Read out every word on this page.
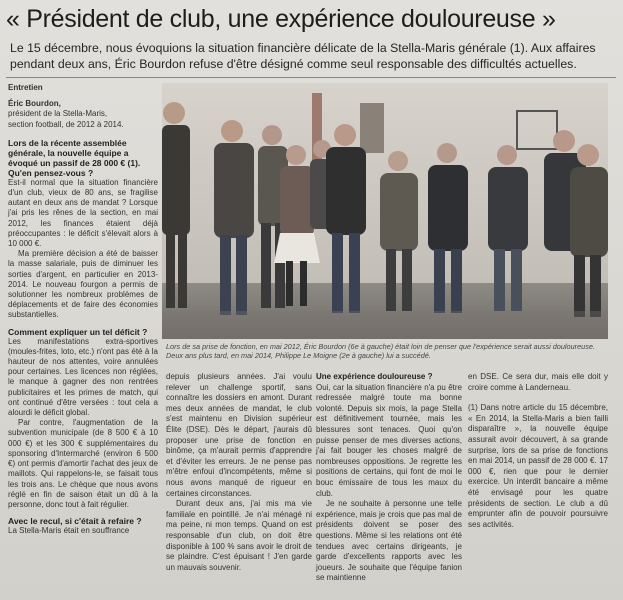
« Président de club, une expérience douloureuse »
Le 15 décembre, nous évoquions la situation financière délicate de la Stella-Maris générale (1). Aux affaires pendant deux ans, Éric Bourdon refuse d'être désigné comme seul responsable des difficultés actuelles.

Entretien

Éric Bourdon,

président de la Stella-Maris,

section football, de 2012 à 2014.

Lors de la récente assemblée générale, la nouvelle équipe a évoqué un passif de 28 000 € (1). Qu'en pensez-vous ?

Est-il normal que la situation financière d'un club, vieux de 80 ans, se fragilise autant en deux ans de mandat ? Lorsque j'ai pris les rênes de la section, en mai 2012, les finances étaient déjà préoccupantes : le déficit s'élevait alors à 10 000 €.

Ma première décision a été de baisser la masse salariale, puis de diminuer les sorties d'argent, en particulier en 2013-2014. Le nouveau fourgon a permis de solutionner les nombreux problèmes de déplacements et de faire des économies substantielles.

Comment expliquer un tel déficit ?

Les manifestations extra-sportives (moules-frites, loto, etc.) n'ont pas été à la hauteur de nos attentes, voire annulées pour certaines. Les licences non réglées, le manque à gagner des non rentrées publicitaires et les primes de match, qui ont continué d'être versées : tout cela a alourdi le déficit global.

Par contre, l'augmentation de la subvention municipale (de 8 500 € à 10 000 €) et les 300 € supplémentaires du sponsoring d'Intermarché (environ 6 500 €) ont permis d'amortir l'achat des jeux de maillots. Qui rappelons-le, se faisait tous les trois ans. Le chèque que nous avons réglé en fin de saison était un dû à la personne, donc tout à fait régulier.

Avec le recul, si c'était à refaire ?

La Stella-Maris était en souffrance

Lors de sa prise de fonction, en mai 2012, Éric Bourdon (6e à gauche) était loin de penser que l'expérience serait aussi douloureuse. Deux ans plus tard, en mai 2014, Philippe Le Moigne (2e à gauche) lui a succédé.

depuis plusieurs années. J'ai voulu relever un challenge sportif, sans connaître les dossiers en amont. Durant mes deux années de mandat, le club s'est maintenu en Division supérieur Élite (DSE). Dès le départ, j'aurais dû proposer une prise de fonction en binôme, ça m'aurait permis d'apprendre et d'éviter les erreurs. Je ne pense pas m'être enfoui d'incompétents, même si nous avons manqué de rigueur en certaines circonstances.

Durant deux ans, j'ai mis ma vie familiale en pointillé. Je n'ai ménagé ni ma peine, ni mon temps. Quand on est responsable d'un club, on doit être disponible à 100 % sans avoir le droit de se plaindre. C'est épuisant ! J'en garde un mauvais souvenir.

Une expérience douloureuse ?

Oui, car la situation financière n'a pu être redressée malgré toute ma bonne volonté. Depuis six mois, la page Stella est définitivement tournée, mais les blessures sont tenaces. Quoi qu'on puisse penser de mes diverses actions, j'ai fait bouger les choses malgré de nombreuses oppositions. Je regrette les positions de certains, qui font de moi le bouc émissaire de tous les maux du club.

Je ne souhaite à personne une telle expérience, mais je crois que pas mal de présidents doivent se poser des questions. Même si les relations ont été tendues avec certains dirigeants, je garde d'excellents rapports avec les joueurs. Je souhaite que l'équipe fanion se maintienne

en DSE. Ce sera dur, mais elle doit y croire comme à Landerneau.

(1) Dans notre article du 15 décembre, « En 2014, la Stella-Maris a bien failli disparaître », la nouvelle équipe assurait avoir découvert, à sa grande surprise, lors de sa prise de fonctions en mai 2014, un passif de 28 000 €. 17 000 €, rien que pour le dernier exercice. Un interdit bancaire a même été envisagé pour les quatre présidents de section. Le club a dû emprunter afin de pouvoir poursuivre ses activités.
